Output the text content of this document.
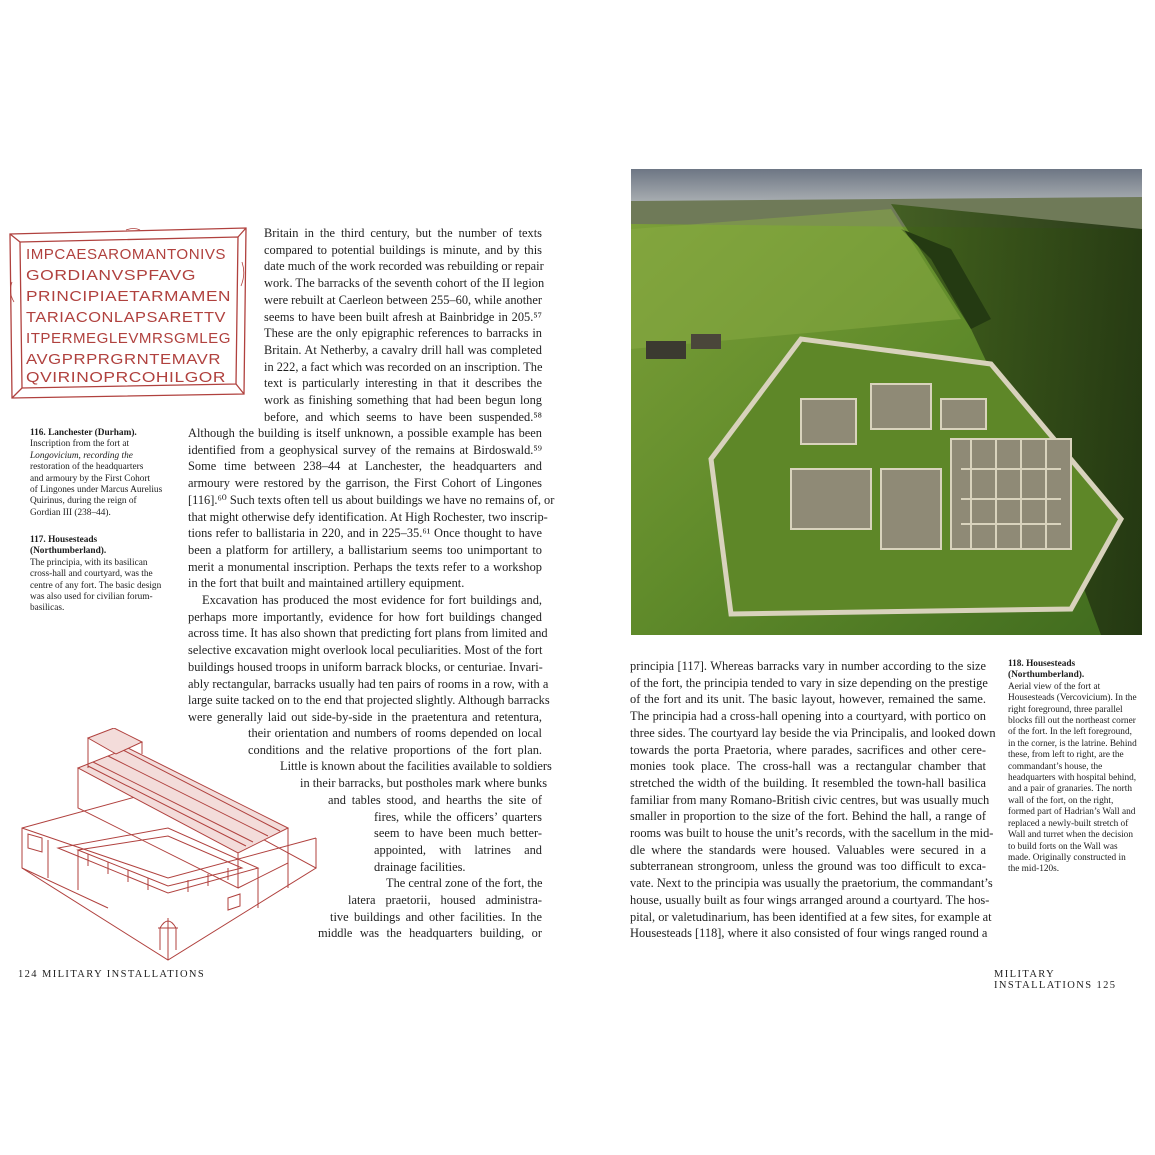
IMPCAESAROMANTONIVS
GORDIANVSPFAVG
PRINCIPIAETARMAMEN
TARIACONLAPSARETTV
ITPERMEGLEVMRSGMLEG
AVGPRPRGRNTEMAVR
QVIRINOPRCOHILGOR
116. Lanchester (Durham).
Inscription from the fort at
Longovicium, recording the
restoration of the headquarters
and armoury by the First Cohort
of Lingones under Marcus Aurelius
Quirinus, during the reign of
Gordian III (238–44).
117. Housesteads
(Northumberland).
The principia, with its basilican
cross-hall and courtyard, was the
centre of any fort. The basic design
was also used for civilian forum-
basilicas.
Britain in the third century, but the number of texts
compared to potential buildings is minute, and by this
date much of the work recorded was rebuilding or repair
work. The barracks of the seventh cohort of the II legion
were rebuilt at Caerleon between 255–60, while another
seems to have been built afresh at Bainbridge in 205.⁵⁷
These are the only epigraphic references to barracks in
Britain. At Netherby, a cavalry drill hall was completed
in 222, a fact which was recorded on an inscription. The
text is particularly interesting in that it describes the
work as finishing something that had been begun long
before, and which seems to have been suspended.⁵⁸
Although the building is itself unknown, a possible example has been
identified from a geophysical survey of the remains at Birdoswald.⁵⁹
Some time between 238–44 at Lanchester, the headquarters and
armoury were restored by the garrison, the First Cohort of Lingones
[116].⁶⁰ Such texts often tell us about buildings we have no remains of, or
that might otherwise defy identification. At High Rochester, two inscrip-
tions refer to ballistaria in 220, and in 225–35.⁶¹ Once thought to have
been a platform for artillery, a ballistarium seems too unimportant to
merit a monumental inscription. Perhaps the texts refer to a workshop
in the fort that built and maintained artillery equipment.
Excavation has produced the most evidence for fort buildings and,
perhaps more importantly, evidence for how fort buildings changed
across time. It has also shown that predicting fort plans from limited and
selective excavation might overlook local peculiarities. Most of the fort
buildings housed troops in uniform barrack blocks, or centuriae. Invari-
ably rectangular, barracks usually had ten pairs of rooms in a row, with a
large suite tacked on to the end that projected slightly. Although barracks
were generally laid out side-by-side in the praetentura and retentura,
their orientation and numbers of rooms depended on local
conditions and the relative proportions of the fort plan.
Little is known about the facilities available to soldiers
in their barracks, but postholes mark where bunks
and tables stood, and hearths the site of
fires, while the officers’ quarters
seem to have been much better-
appointed, with latrines and
drainage facilities.
The central zone of the fort, the
latera praetorii, housed administra-
tive buildings and other facilities. In the
middle was the headquarters building, or
124 MILITARY INSTALLATIONS
principia [117]. Whereas barracks vary in number according to the size
of the fort, the principia tended to vary in size depending on the prestige
of the fort and its unit. The basic layout, however, remained the same.
The principia had a cross-hall opening into a courtyard, with portico on
three sides. The courtyard lay beside the via Principalis, and looked down
towards the porta Praetoria, where parades, sacrifices and other cere-
monies took place. The cross-hall was a rectangular chamber that
stretched the width of the building. It resembled the town-hall basilica
familiar from many Romano-British civic centres, but was usually much
smaller in proportion to the size of the fort. Behind the hall, a range of
rooms was built to house the unit’s records, with the sacellum in the mid-
dle where the standards were housed. Valuables were secured in a
subterranean strongroom, unless the ground was too difficult to exca-
vate. Next to the principia was usually the praetorium, the commandant’s
house, usually built as four wings arranged around a courtyard. The hos-
pital, or valetudinarium, has been identified at a few sites, for example at
Housesteads [118], where it also consisted of four wings ranged round a
118. Housesteads
(Northumberland).
Aerial view of the fort at
Housesteads (Vercovicium). In the
right foreground, three parallel
blocks fill out the northeast corner
of the fort. In the left foreground,
in the corner, is the latrine. Behind
these, from left to right, are the
commandant’s house, the
headquarters with hospital behind,
and a pair of granaries. The north
wall of the fort, on the right,
formed part of Hadrian’s Wall and
replaced a newly-built stretch of
Wall and turret when the decision
to build forts on the Wall was
made. Originally constructed in
the mid-120s.
MILITARY INSTALLATIONS 125
